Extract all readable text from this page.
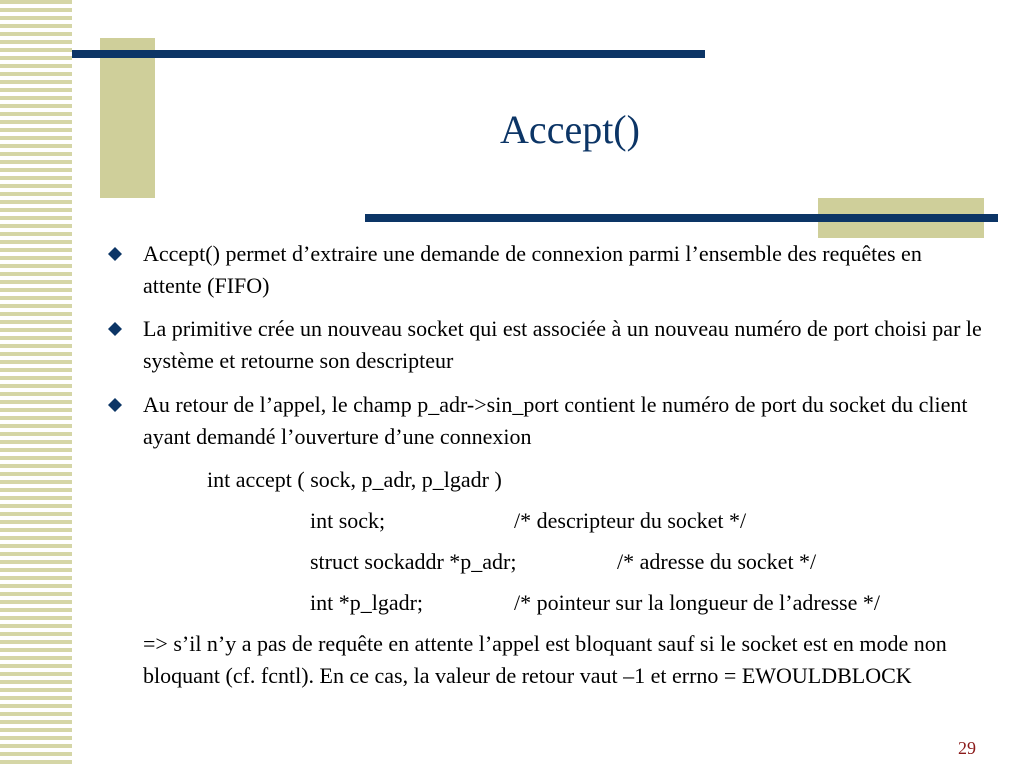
Accept()

Accept() permet d’extraire une demande de connexion parmi l’ensemble des requêtes en attente (FIFO)

La primitive crée un nouveau socket qui est associée à un nouveau numéro de port choisi par le système et retourne son descripteur

Au retour de l’appel, le champ p_adr->sin_port contient le numéro de port du socket du client ayant demandé l’ouverture d’une connexion

int accept ( sock, p_adr, p_lgadr )
int sock;	/* descripteur du socket */
struct sockaddr *p_adr;	/* adresse du socket */
int *p_lgadr;	/* pointeur sur la longueur de l’adresse */

=> s’il n’y a pas de requête en attente l’appel est bloquant sauf si le socket est en mode non bloquant (cf. fcntl). En ce cas, la valeur de retour vaut –1 et errno = EWOULDBLOCK

29
